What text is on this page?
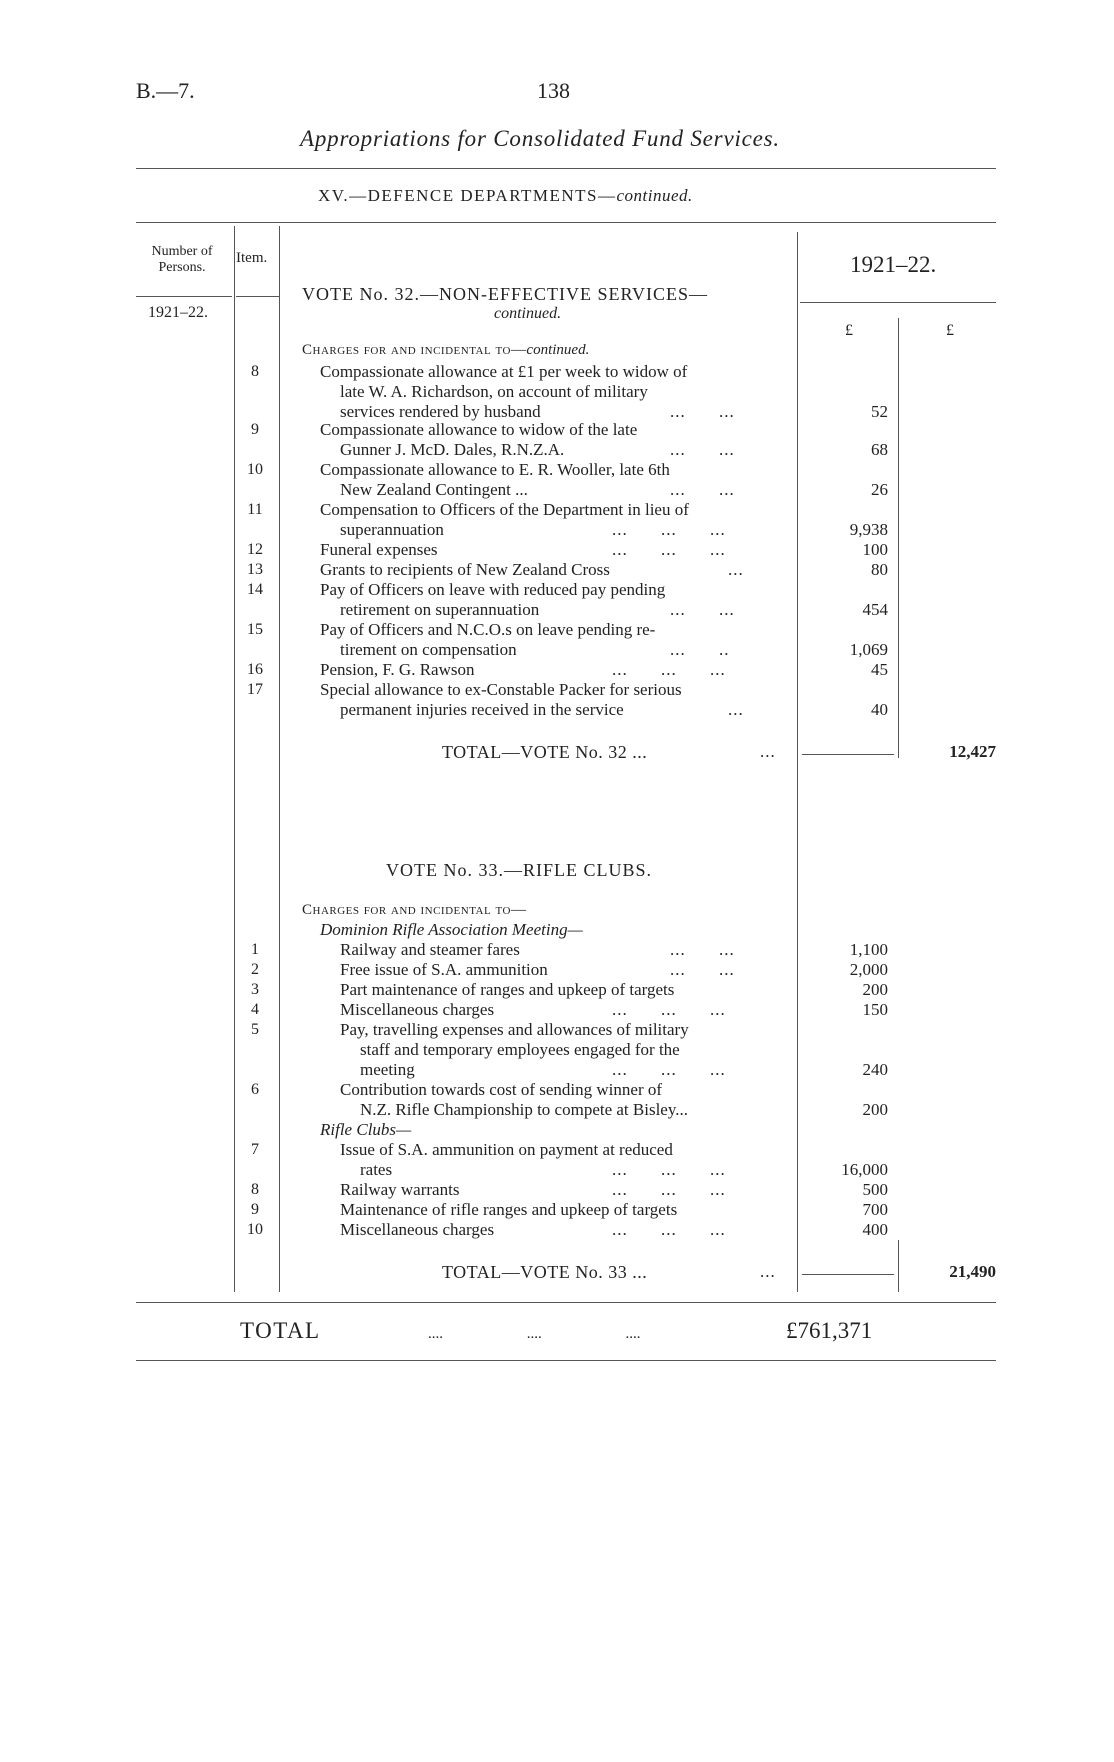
B.—7.	138
Appropriations for Consolidated Fund Services.
XV.—DEFENCE DEPARTMENTS—continued.
Number of Persons.
Item.	1921–22.
1921–22.
£	£
VOTE No. 32.—NON-EFFECTIVE SERVICES—
continued.
Charges for and incidental to—continued.
8	Compassionate allowance at £1 per week to widow of
late W. A. Richardson, on account of military
services rendered by husband	... ...	52
9	Compassionate allowance to widow of the late
Gunner J. McD. Dales, R.N.Z.A.	... ...	68
10	Compassionate allowance to E. R. Wooller, late 6th
New Zealand Contingent ...	... ...	26
11	Compensation to Officers of the Department in lieu of
superannuation	... ... ...	9,938
12	Funeral expenses	... ... ...	100
13	Grants to recipients of New Zealand Cross	...	80
14	Pay of Officers on leave with reduced pay pending
retirement on superannuation	... ...	454
15	Pay of Officers and N.C.O.s on leave pending re-
tirement on compensation	... ..	1,069
16	Pension, F. G. Rawson	... ... ...	45
17	Special allowance to ex-Constable Packer for serious
permanent injuries received in the service	...	40
TOTAL—VOTE No. 32 ...	...	12,427
VOTE No. 33.—RIFLE CLUBS.
Charges for and incidental to—
Dominion Rifle Association Meeting—
Rifle Clubs—
1	Railway and steamer fares	... ...	1,100
2	Free issue of S.A. ammunition	... ...	2,000
3	Part maintenance of ranges and upkeep of targets	200
4	Miscellaneous charges	... ... ...	150
5	Pay, travelling expenses and allowances of military
staff and temporary employees engaged for the
meeting	... ... ...	240
6	Contribution towards cost of sending winner of
N.Z. Rifle Championship to compete at Bisley...	200
7	Issue of S.A. ammunition on payment at reduced
rates	... ... ...	16,000
8	Railway warrants	... ... ...	500
9	Maintenance of rifle ranges and upkeep of targets	700
10	Miscellaneous charges	... ... ...	400
TOTAL—VOTE No. 33 ...	...	21,490
TOTAL	.... .... ....	£761,371
